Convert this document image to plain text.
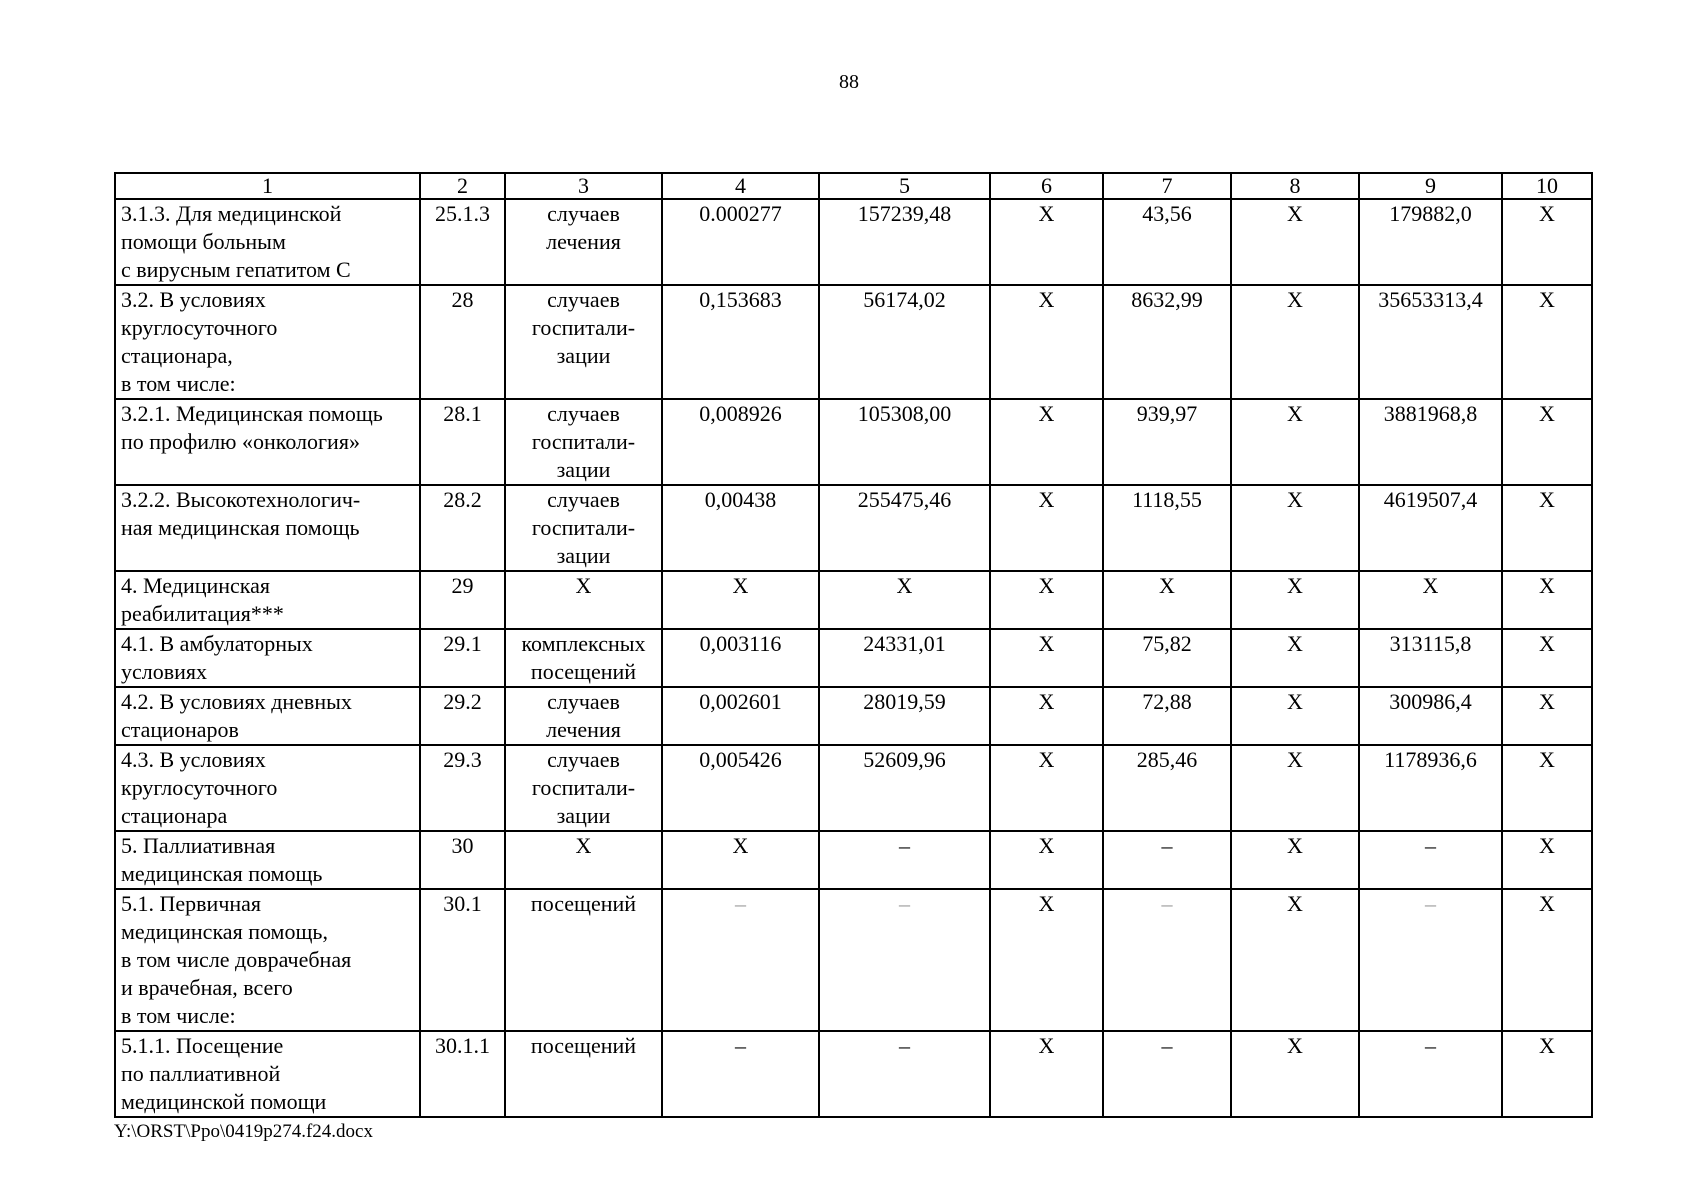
88
1	2	3	4	5	6	7	8	9	10

3.1.3. Для медицинской
помощи больным
с вирусным гепатитом С	25.1.3	случаев
лечения	0.000277	157239,48	Х	43,56	Х	179882,0	Х

3.2. В условиях
круглосуточного
стационара,
в том числе:	28	случаев
госпитали-
зации	0,153683	56174,02	Х	8632,99	Х	35653313,4	Х

3.2.1. Медицинская помощь
по профилю «онкология»	28.1	случаев
госпитали-
зации	0,008926	105308,00	Х	939,97	Х	3881968,8	Х

3.2.2. Высокотехнологич-
ная медицинская помощь	28.2	случаев
госпитали-
зации	0,00438	255475,46	Х	1118,55	Х	4619507,4	Х

4. Медицинская
реабилитация***	29	Х	Х	Х	Х	Х	Х	Х	Х

4.1. В амбулаторных
условиях	29.1	комплексных
посещений	0,003116	24331,01	Х	75,82	Х	313115,8	Х

4.2. В условиях дневных
стационаров	29.2	случаев
лечения	0,002601	28019,59	Х	72,88	Х	300986,4	Х

4.3. В условиях
круглосуточного
стационара	29.3	случаев
госпитали-
зации	0,005426	52609,96	Х	285,46	Х	1178936,6	Х

5. Паллиативная
медицинская помощь	30	Х	Х	–	Х	–	Х	–	Х

5.1. Первичная
медицинская помощь,
в том числе доврачебная
и врачебная, всего
в том числе:	30.1	посещений	–	–	Х	–	Х	–	Х

5.1.1. Посещение
по паллиативной
медицинской помощи	30.1.1	посещений	–	–	Х	–	Х	–	Х
Y:\ORST\Ppo\0419p274.f24.docx
